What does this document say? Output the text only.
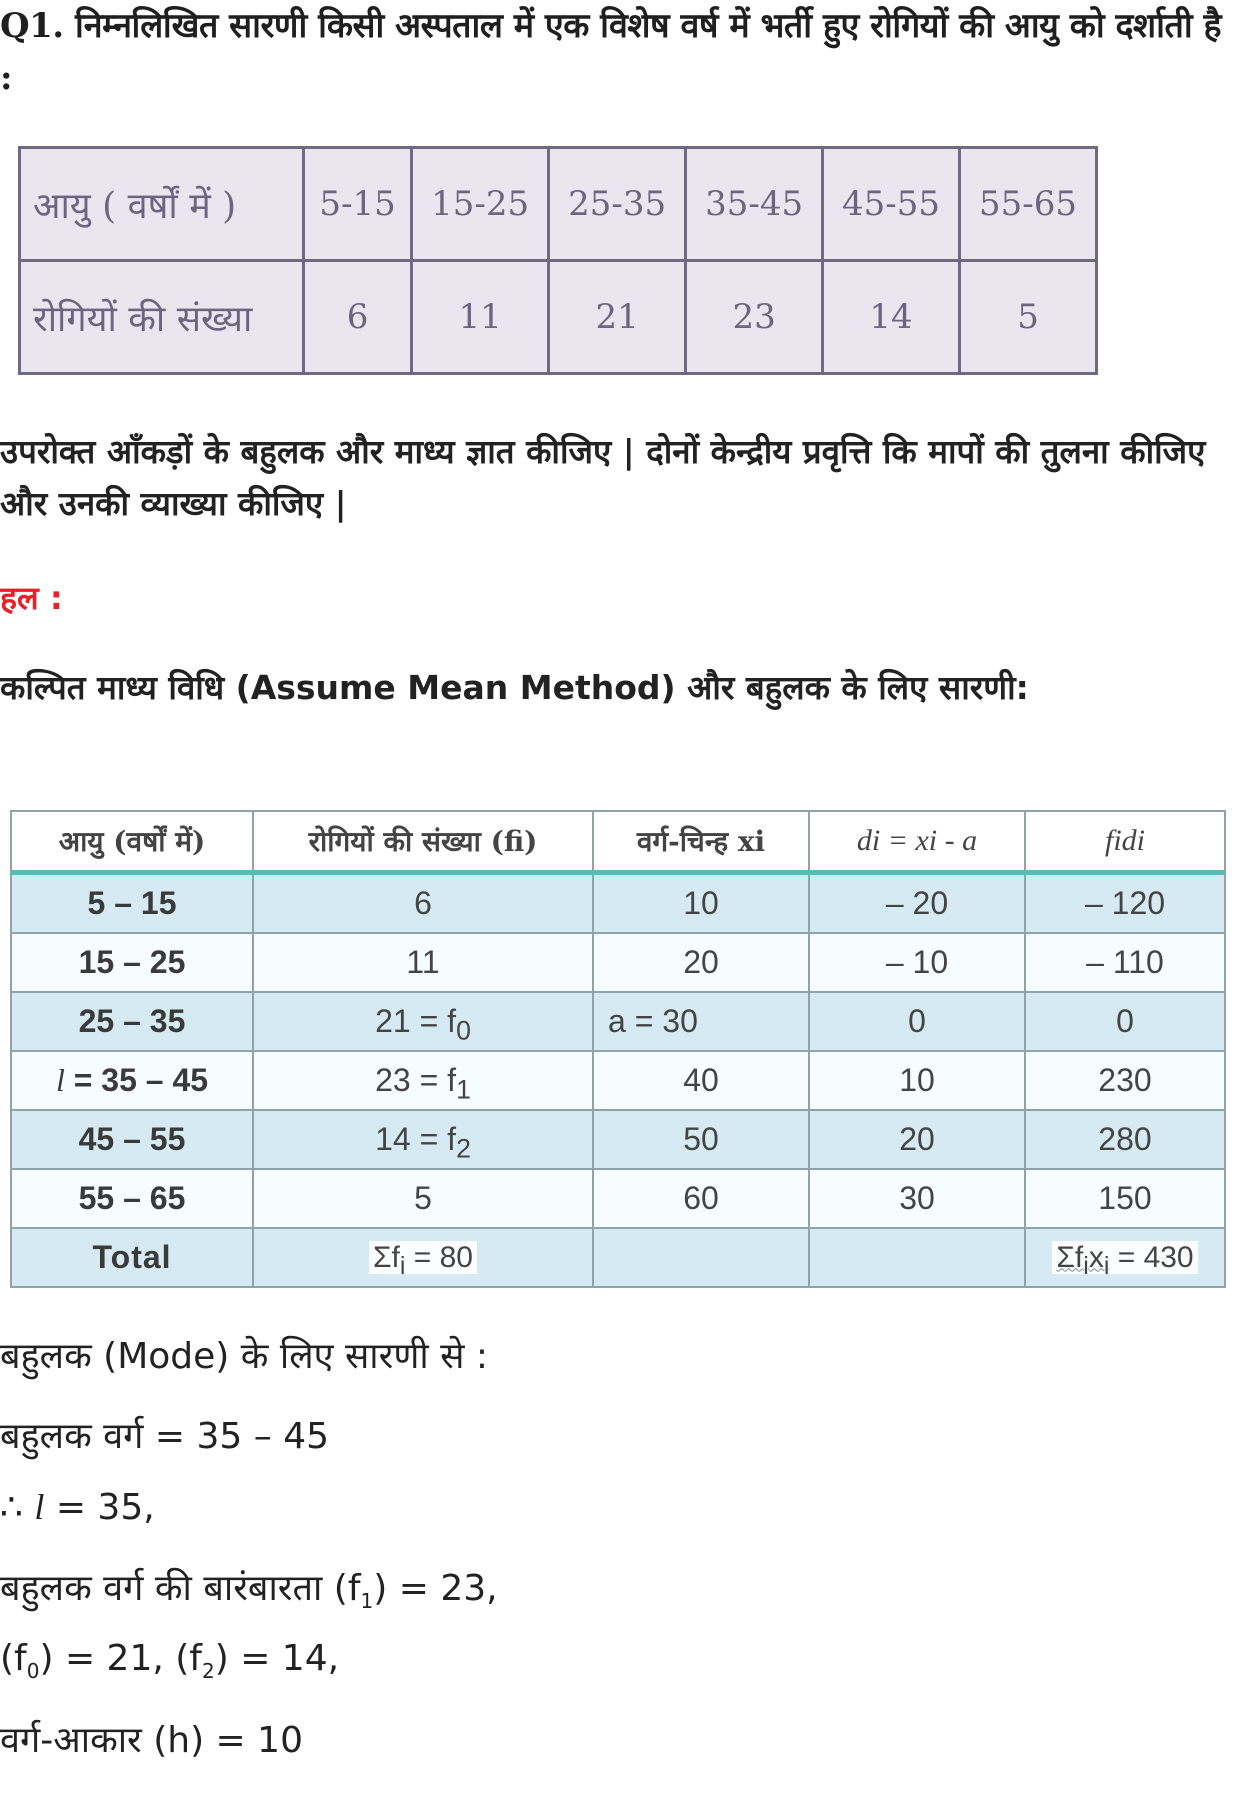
Q1. निम्नलिखित सारणी किसी अस्पताल में एक विशेष वर्ष में भर्ती हुए रोगियों की आयु को दर्शाती है :
आयु ( वर्षों में )	5-15	15-25	25-35	35-45	45-55	55-65
रोगियों की संख्या	6	11	21	23	14	5
उपरोक्त आँकड़ों के बहुलक और माध्य ज्ञात कीजिए | दोनों केन्द्रीय प्रवृत्ति कि मापों की तुलना कीजिए और उनकी व्याख्या कीजिए |
हल :
कल्पित माध्य विधि (Assume Mean Method) और बहुलक के लिए सारणी:
आयु (वर्षों में)	रोगियों की संख्या (fi)	वर्ग-चिन्ह xi	di = xi - a	fidi
5 – 15	6	10	– 20	– 120
15 – 25	11	20	– 10	– 110
25 – 35	$21 = f_0$	a = 30	0	0
l = 35 – 45	$23 = f_1$	40	10	230
45 – 55	$14 = f_2$	50	20	280
55 – 65	5	60	30	150
Total	$\Sigma f_i = 80$			$\Sigma f_ix_i = 430$
बहुलक (Mode) के लिए सारणी से :
बहुलक वर्ग = 35 – 45
∴ l = 35,
बहुलक वर्ग की बारंबारता $(f_1) = 23$,
$(f_0) = 21$, $(f_2) = 14$,
वर्ग-आकार (h) = 10
